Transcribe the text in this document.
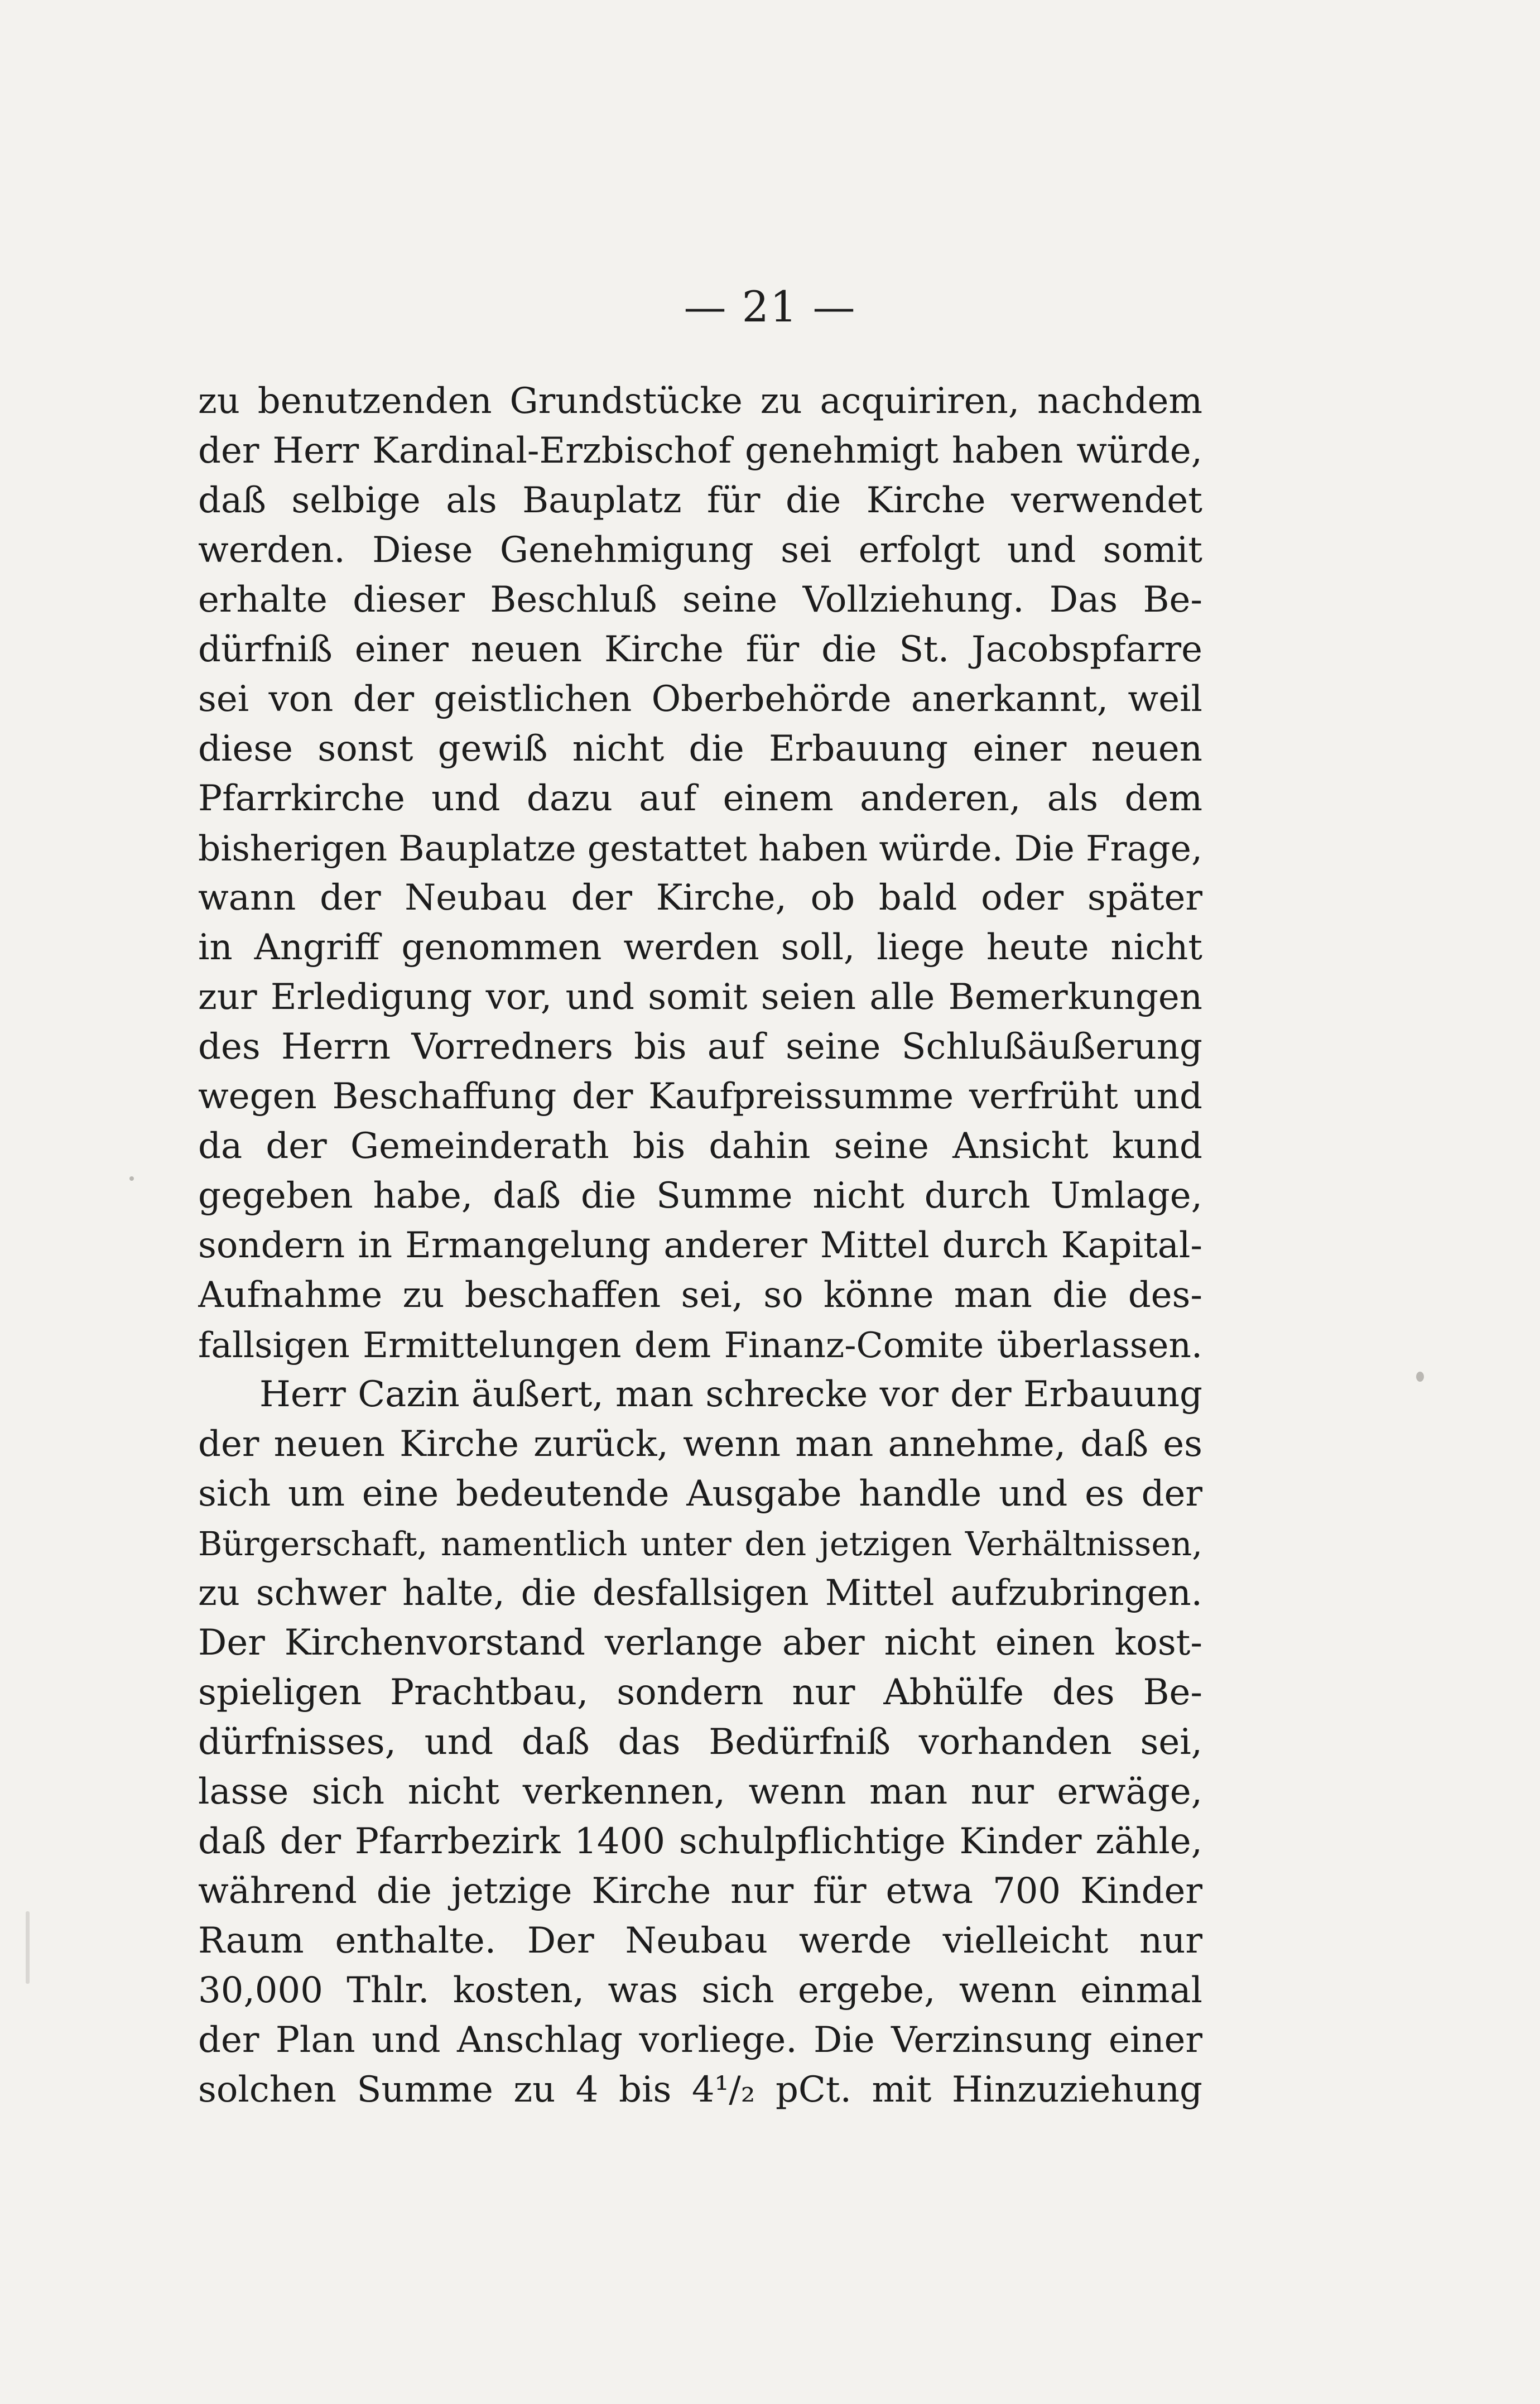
— 21 —
zu benutzenden Grundstücke zu acquiriren, nachdem
der Herr Kardinal-Erzbischof genehmigt haben würde,
daß selbige als Bauplatz für die Kirche verwendet
werden. Diese Genehmigung sei erfolgt und somit
erhalte dieser Beschluß seine Vollziehung. Das Be-
dürfniß einer neuen Kirche für die St. Jacobspfarre
sei von der geistlichen Oberbehörde anerkannt, weil
diese sonst gewiß nicht die Erbauung einer neuen
Pfarrkirche und dazu auf einem anderen, als dem
bisherigen Bauplatze gestattet haben würde. Die Frage,
wann der Neubau der Kirche, ob bald oder später
in Angriff genommen werden soll, liege heute nicht
zur Erledigung vor, und somit seien alle Bemerkungen
des Herrn Vorredners bis auf seine Schlußäußerung
wegen Beschaffung der Kaufpreissumme verfrüht und
da der Gemeinderath bis dahin seine Ansicht kund
gegeben habe, daß die Summe nicht durch Umlage,
sondern in Ermangelung anderer Mittel durch Kapital-
Aufnahme zu beschaffen sei, so könne man die des-
fallsigen Ermittelungen dem Finanz-Comite überlassen.
Herr Cazin äußert, man schrecke vor der Erbauung
der neuen Kirche zurück, wenn man annehme, daß es
sich um eine bedeutende Ausgabe handle und es der
Bürgerschaft, namentlich unter den jetzigen Verhältnissen,
zu schwer halte, die desfallsigen Mittel aufzubringen.
Der Kirchenvorstand verlange aber nicht einen kost-
spieligen Prachtbau, sondern nur Abhülfe des Be-
dürfnisses, und daß das Bedürfniß vorhanden sei,
lasse sich nicht verkennen, wenn man nur erwäge,
daß der Pfarrbezirk 1400 schulpflichtige Kinder zähle,
während die jetzige Kirche nur für etwa 700 Kinder
Raum enthalte. Der Neubau werde vielleicht nur
30,000 Thlr. kosten, was sich ergebe, wenn einmal
der Plan und Anschlag vorliege. Die Verzinsung einer
solchen Summe zu 4 bis 4¹/₂ pCt. mit Hinzuziehung
